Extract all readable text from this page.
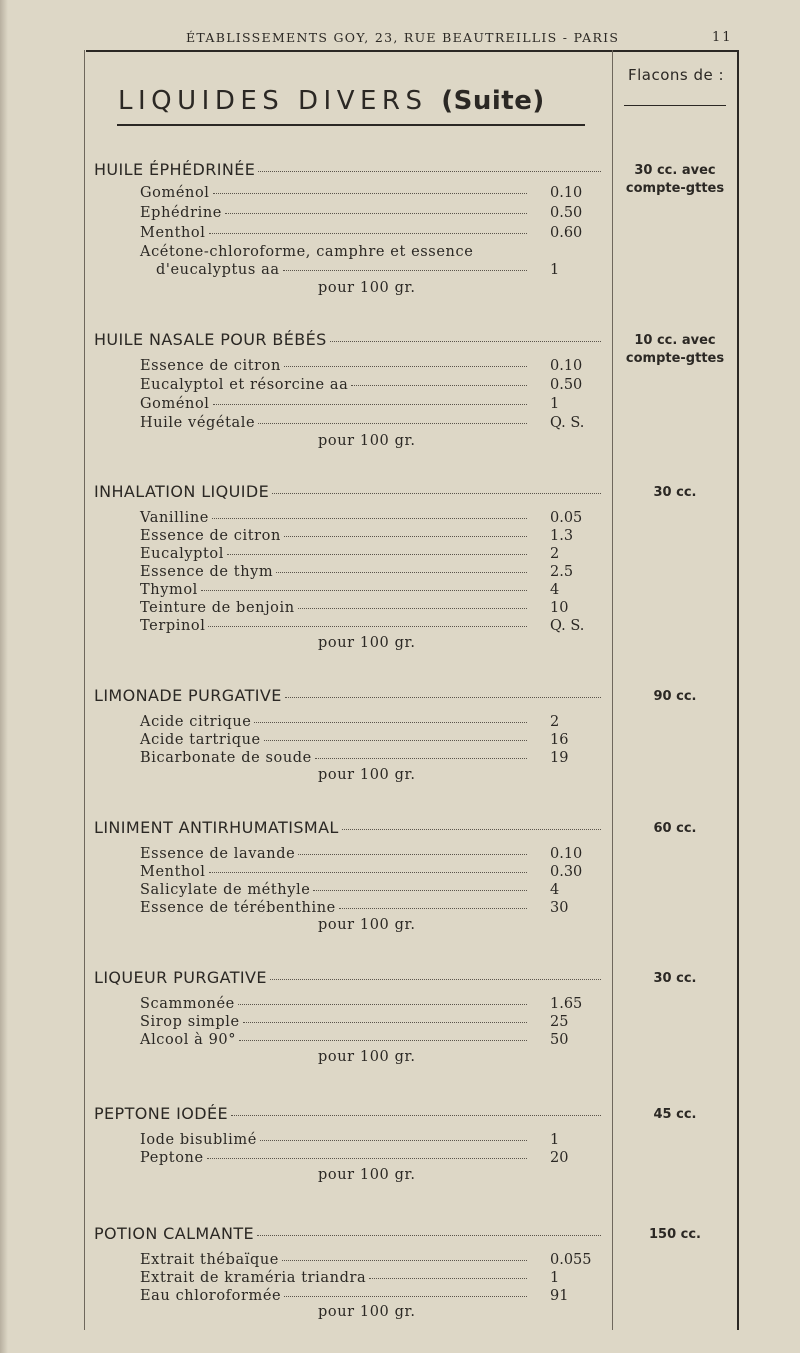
ÉTABLISSEMENTS GOY, 23, RUE BEAUTREILLIS - PARIS	11
LIQUIDES DIVERS (Suite)
Flacons de :
HUILE ÉPHÉDRINÉE	30 cc. avec
compte-gttes
Goménol	0.10
Ephédrine	0.50
Menthol	0.60
Acétone-chloroforme, camphre et essence
d'eucalyptus aa	1
pour 100 gr.
HUILE NASALE POUR BÉBÉS	10 cc. avec
compte-gttes
Essence de citron	0.10
Eucalyptol et résorcine aa	0.50
Goménol	1
Huile végétale	Q. S.
pour 100 gr.
INHALATION LIQUIDE	30 cc.
Vanilline	0.05
Essence de citron	1.3
Eucalyptol	2
Essence de thym	2.5
Thymol	4
Teinture de benjoin	10
Terpinol	Q. S.
pour 100 gr.
LIMONADE PURGATIVE	90 cc.
Acide citrique	2
Acide tartrique	16
Bicarbonate de soude	19
pour 100 gr.
LINIMENT ANTIRHUMATISMAL	60 cc.
Essence de lavande	0.10
Menthol	0.30
Salicylate de méthyle	4
Essence de térébenthine	30
pour 100 gr.
LIQUEUR PURGATIVE	30 cc.
Scammonée	1.65
Sirop simple	25
Alcool à 90°	50
pour 100 gr.
PEPTONE IODÉE	45 cc.
Iode bisublimé	1
Peptone	20
pour 100 gr.
POTION CALMANTE	150 cc.
Extrait thébaïque	0.055
Extrait de kraméria triandra	1
Eau chloroformée	91
pour 100 gr.
